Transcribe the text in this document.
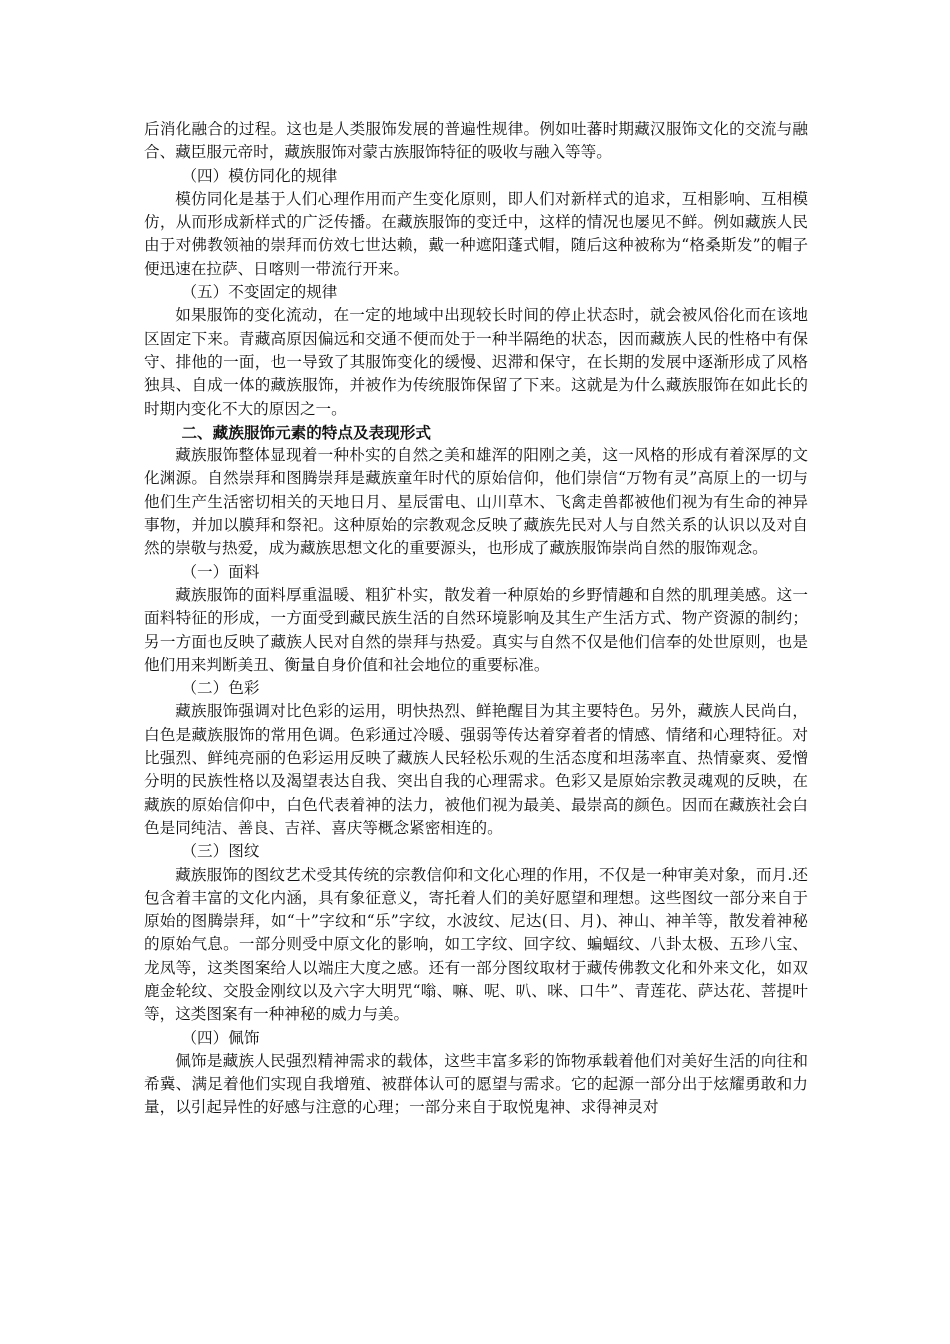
后消化融合的过程。这也是人类服饰发展的普遍性规律。例如吐蕃时期藏汉服饰文化的交流与融合、藏臣服元帝时，藏族服饰对蒙古族服饰特征的吸收与融入等等。

（四）模仿同化的规律

模仿同化是基于人们心理作用而产生变化原则，即人们对新样式的追求，互相影响、互相模仿，从而形成新样式的广泛传播。在藏族服饰的变迁中，这样的情况也屡见不鲜。例如藏族人民由于对佛教领袖的崇拜而仿效七世达赖，戴一种遮阳蓬式帽，随后这种被称为“格桑斯发”的帽子便迅速在拉萨、日喀则一带流行开来。

（五）不变固定的规律

如果服饰的变化流动，在一定的地域中出现较长时间的停止状态时，就会被风俗化而在该地区固定下来。青藏高原因偏远和交通不便而处于一种半隔绝的状态，因而藏族人民的性格中有保守、排他的一面，也一导致了其服饰变化的缓慢、迟滞和保守，在长期的发展中逐渐形成了风格独具、自成一体的藏族服饰，并被作为传统服饰保留了下来。这就是为什么藏族服饰在如此长的时期内变化不大的原因之一。

二、藏族服饰元素的特点及表现形式

藏族服饰整体显现着一种朴实的自然之美和雄浑的阳刚之美，这一风格的形成有着深厚的文化渊源。自然崇拜和图腾崇拜是藏族童年时代的原始信仰，他们崇信“万物有灵”高原上的一切与他们生产生活密切相关的天地日月、星辰雷电、山川草木、飞禽走兽都被他们视为有生命的神异事物，并加以膜拜和祭祀。这种原始的宗教观念反映了藏族先民对人与自然关系的认识以及对自然的崇敬与热爱，成为藏族思想文化的重要源头，也形成了藏族服饰崇尚自然的服饰观念。

（一）面料

藏族服饰的面料厚重温暖、粗犷朴实，散发着一种原始的乡野情趣和自然的肌理美感。这一面料特征的形成，一方面受到藏民族生活的自然环境影响及其生产生活方式、物产资源的制约；另一方面也反映了藏族人民对自然的崇拜与热爱。真实与自然不仅是他们信奉的处世原则，也是他们用来判断美丑、衡量自身价值和社会地位的重要标准。

（二）色彩

藏族服饰强调对比色彩的运用，明快热烈、鲜艳醒目为其主要特色。另外，藏族人民尚白，白色是藏族服饰的常用色调。色彩通过冷暖、强弱等传达着穿着者的情感、情绪和心理特征。对比强烈、鲜纯亮丽的色彩运用反映了藏族人民轻松乐观的生活态度和坦荡率直、热情豪爽、爱憎分明的民族性格以及渴望表达自我、突出自我的心理需求。色彩又是原始宗教灵魂观的反映，在藏族的原始信仰中，白色代表着神的法力，被他们视为最美、最崇高的颜色。因而在藏族社会白色是同纯洁、善良、吉祥、喜庆等概念紧密相连的。

（三）图纹

藏族服饰的图纹艺术受其传统的宗教信仰和文化心理的作用，不仅是一种审美对象，而月.还包含着丰富的文化内涵，具有象征意义，寄托着人们的美好愿望和理想。这些图纹一部分来自于原始的图腾崇拜，如“十”字纹和“乐”字纹，水波纹、尼达(日、月)、神山、神羊等，散发着神秘的原始气息。一部分则受中原文化的影响，如工字纹、回字纹、蝙蝠纹、八卦太极、五珍八宝、龙凤等，这类图案给人以端庄大度之感。还有一部分图纹取材于藏传佛教文化和外来文化，如双鹿金轮纹、交股金刚纹以及六字大明咒“嗡、嘛、呢、叭、咪、口牛”、青莲花、萨达花、菩提叶等，这类图案有一种神秘的威力与美。

（四）佩饰

佩饰是藏族人民强烈精神需求的载体，这些丰富多彩的饰物承载着他们对美好生活的向往和希冀、满足着他们实现自我增殖、被群体认可的愿望与需求。它的起源一部分出于炫耀勇敢和力量，以引起异性的好感与注意的心理；一部分来自于取悦鬼神、求得神灵对
